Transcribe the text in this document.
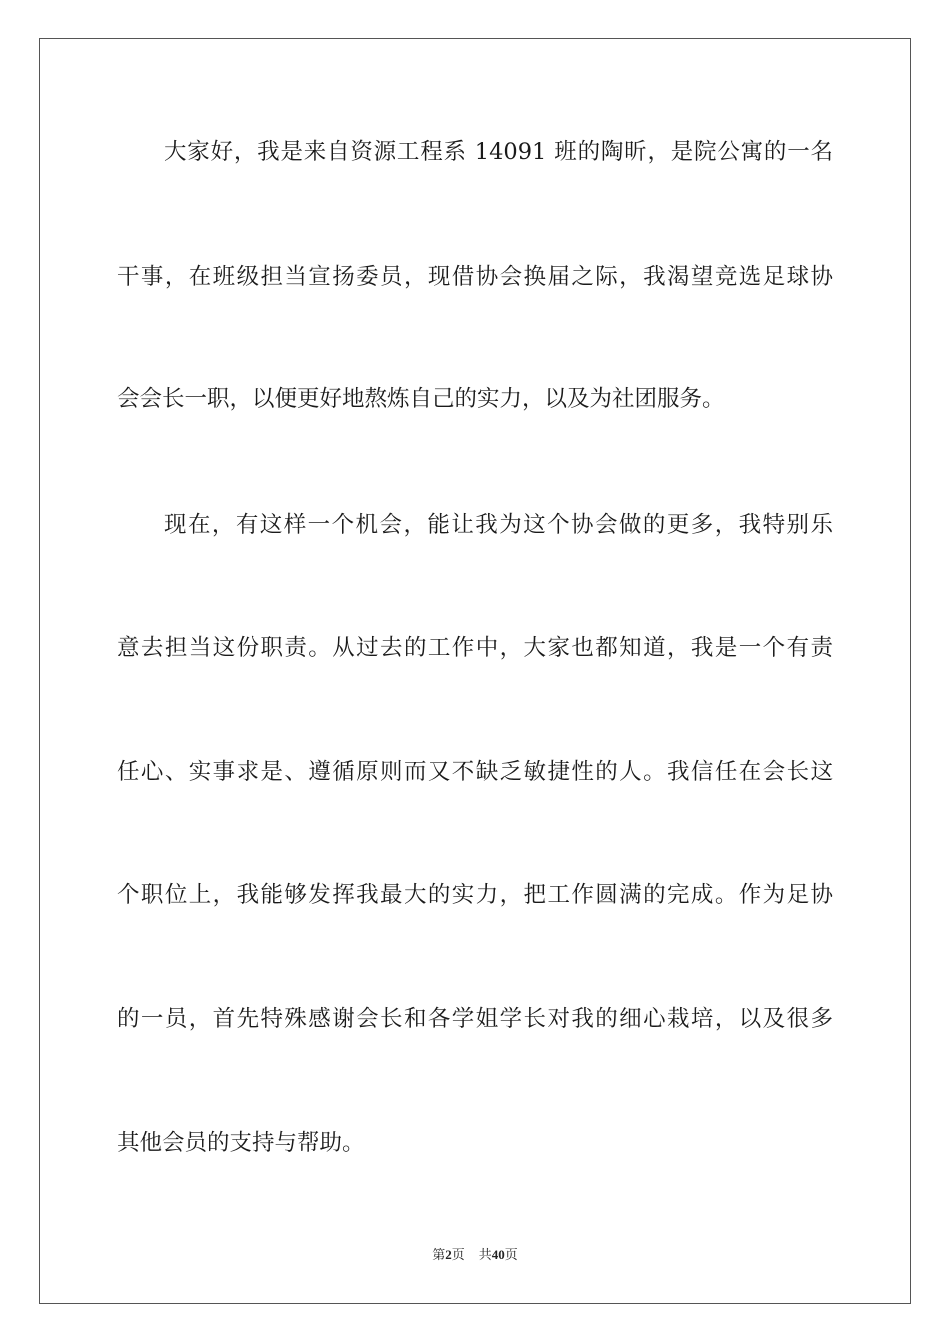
大家好，我是来自资源工程系 14091 班的陶昕，是院公寓的一名
干事，在班级担当宣扬委员，现借协会换届之际，我渴望竞选足球协
会会长一职，以便更好地熬炼自己的实力，以及为社团服务。
现在，有这样一个机会，能让我为这个协会做的更多，我特别乐
意去担当这份职责。从过去的工作中，大家也都知道，我是一个有责
任心、实事求是、遵循原则而又不缺乏敏捷性的人。我信任在会长这
个职位上，我能够发挥我最大的实力，把工作圆满的完成。作为足协
的一员，首先特殊感谢会长和各学姐学长对我的细心栽培，以及很多
其他会员的支持与帮助。
第2页 共40页
